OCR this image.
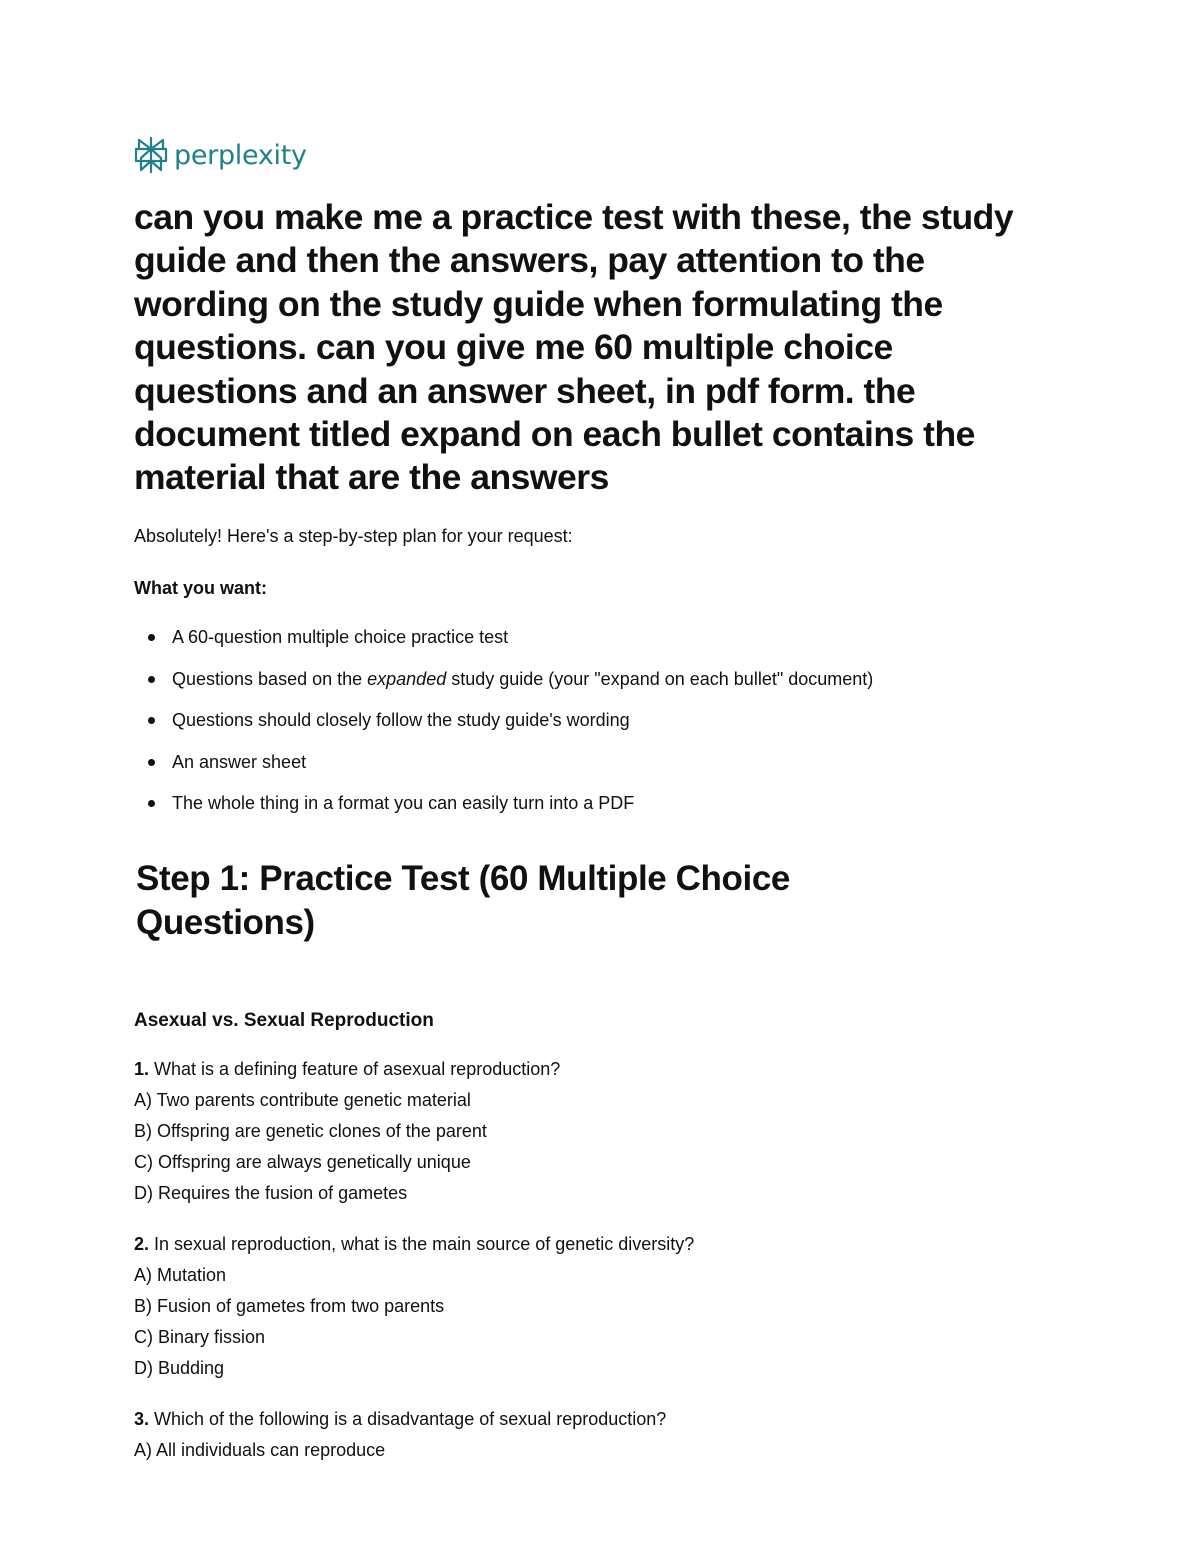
perplexity
can you make me a practice test with these, the study guide and then the answers, pay attention to the wording on the study guide when formulating the questions. can you give me 60 multiple choice questions and an answer sheet, in pdf form. the document titled expand on each bullet contains the material that are the answers

Absolutely! Here's a step-by-step plan for your request:

What you want:

A 60-question multiple choice practice test
Questions based on the expanded study guide (your "expand on each bullet" document)
Questions should closely follow the study guide's wording
An answer sheet
The whole thing in a format you can easily turn into a PDF
Step 1: Practice Test (60 Multiple Choice Questions)
Asexual vs. Sexual Reproduction
1. What is a defining feature of asexual reproduction?
A) Two parents contribute genetic material
B) Offspring are genetic clones of the parent
C) Offspring are always genetically unique
D) Requires the fusion of gametes
2. In sexual reproduction, what is the main source of genetic diversity?
A) Mutation
B) Fusion of gametes from two parents
C) Binary fission
D) Budding
3. Which of the following is a disadvantage of sexual reproduction?
A) All individuals can reproduce
